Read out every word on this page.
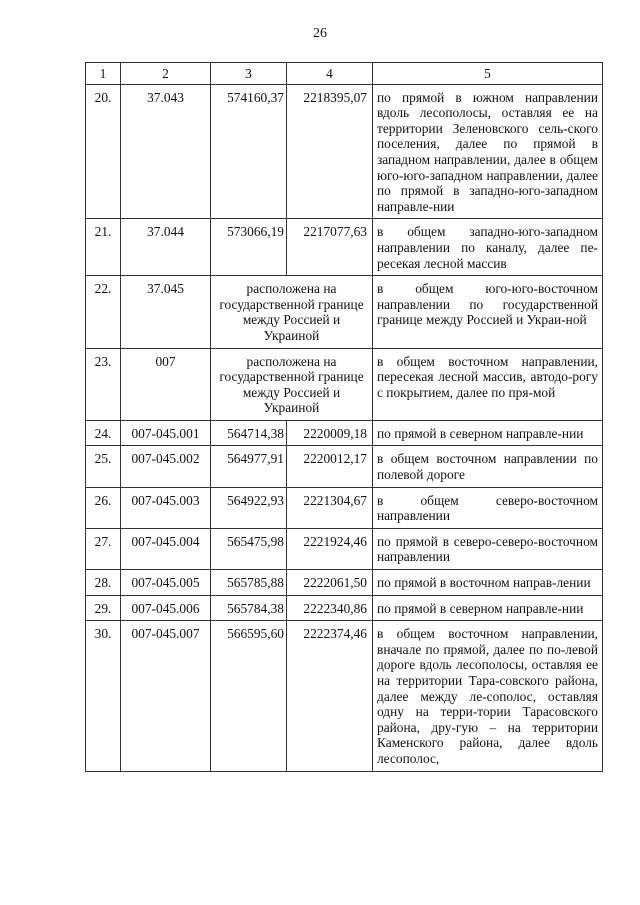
26
1	2	3	4	5
20.	37.043	574160,37	2218395,07	по прямой в южном направлении вдоль лесополосы, оставляя ее на территории Зеленовского сель-ского поселения, далее по прямой в западном направлении, далее в общем юго-юго-западном направлении, далее по прямой в западно-юго-западном направле-нии
21.	37.044	573066,19	2217077,63	в общем западно-юго-западном направлении по каналу, далее пе-ресекая лесной массив
22.	37.045	расположена на государственной границе между Россией и Украиной		в общем юго-юго-восточном направлении по государственной границе между Россией и Украи-ной
23.	007	расположена на государственной границе между Россией и Украиной		в общем восточном направлении, пересекая лесной массив, автодо-рогу с покрытием, далее по пря-мой
24.	007-045.001	564714,38	2220009,18	по прямой в северном направле-нии
25.	007-045.002	564977,91	2220012,17	в общем восточном направлении по полевой дороге
26.	007-045.003	564922,93	2221304,67	в общем северо-восточном направлении
27.	007-045.004	565475,98	2221924,46	по прямой в северо-северо-восточном направлении
28.	007-045.005	565785,88	2222061,50	по прямой в восточном направ-лении
29.	007-045.006	565784,38	2222340,86	по прямой в северном направле-нии
30.	007-045.007	566595,60	2222374,46	в общем восточном направлении, вначале по прямой, далее по по-левой дороге вдоль лесополосы, оставляя ее на территории Тара-совского района, далее между ле-сополос, оставляя одну на терри-тории Тарасовского района, дру-гую – на территории Каменского района, далее вдоль лесополос,
